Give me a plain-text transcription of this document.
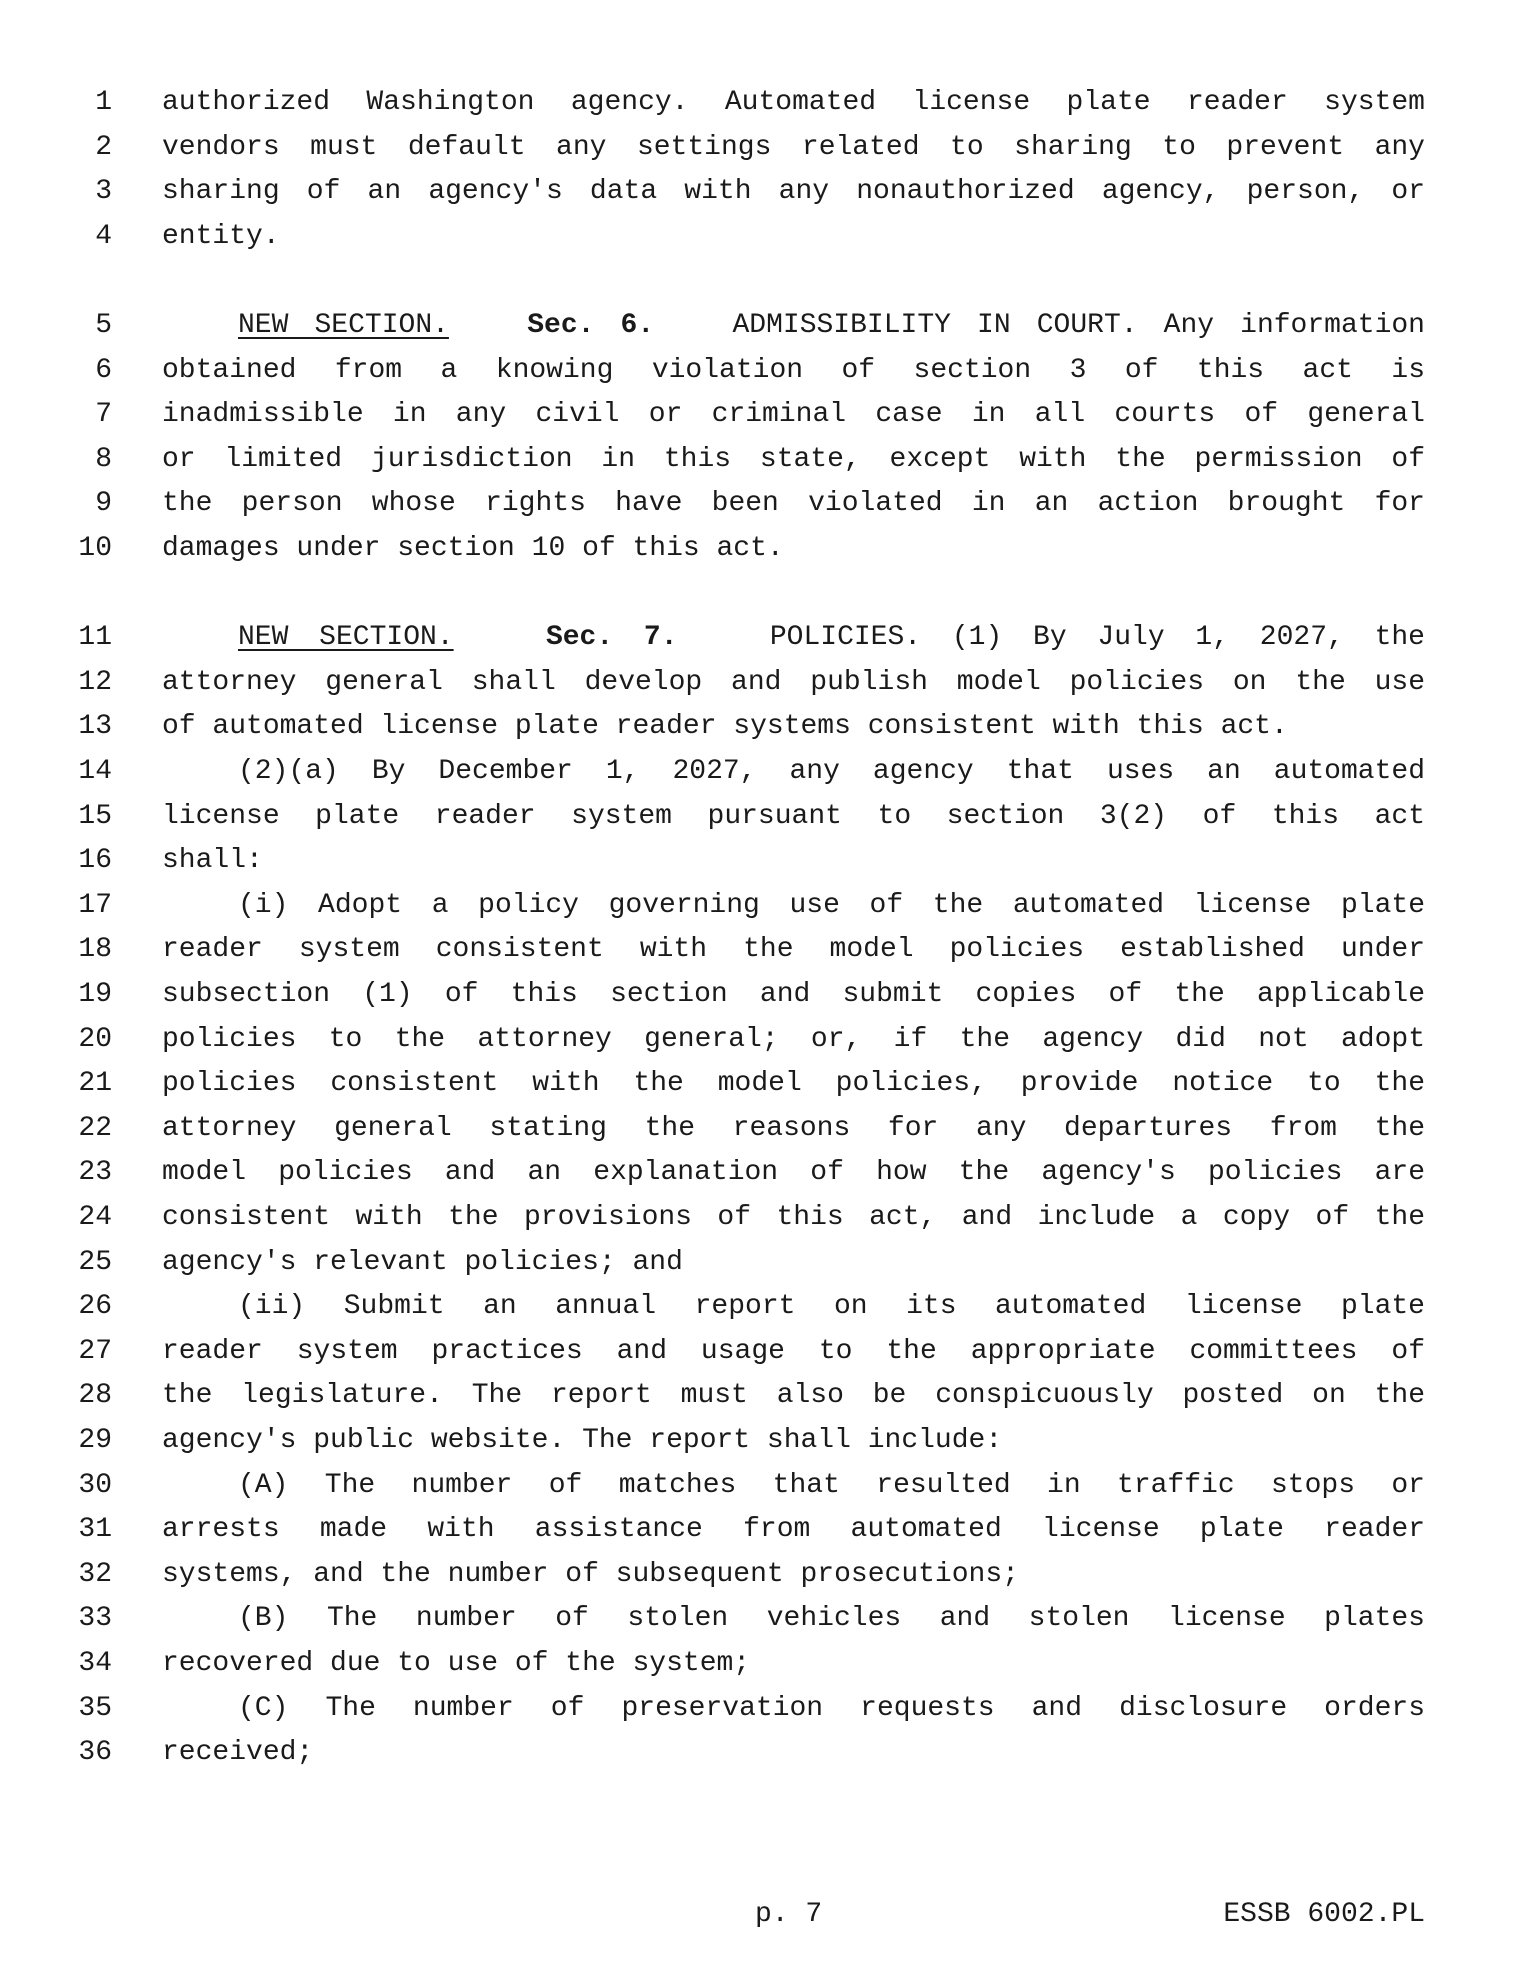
1 authorized Washington agency. Automated license plate reader system
2 vendors must default any settings related to sharing to prevent any
3 sharing of an agency's data with any nonauthorized agency, person, or
4 entity.
5	NEW SECTION.	Sec. 6.	ADMISSIBILITY IN COURT. Any information
6 obtained from a knowing violation of section 3 of this act is
7 inadmissible in any civil or criminal case in all courts of general
8 or limited jurisdiction in this state, except with the permission of
9 the person whose rights have been violated in an action brought for
10 damages under section 10 of this act.
11	NEW SECTION.	Sec. 7.	POLICIES. (1) By July 1, 2027, the
12 attorney general shall develop and publish model policies on the use
13 of automated license plate reader systems consistent with this act.
14	(2)(a) By December 1, 2027, any agency that uses an automated
15 license plate reader system pursuant to section 3(2) of this act
16 shall:
17	(i) Adopt a policy governing use of the automated license plate
18 reader system consistent with the model policies established under
19 subsection (1) of this section and submit copies of the applicable
20 policies to the attorney general; or, if the agency did not adopt
21 policies consistent with the model policies, provide notice to the
22 attorney general stating the reasons for any departures from the
23 model policies and an explanation of how the agency's policies are
24 consistent with the provisions of this act, and include a copy of the
25 agency's relevant policies; and
26	(ii) Submit an annual report on its automated license plate
27 reader system practices and usage to the appropriate committees of
28 the legislature. The report must also be conspicuously posted on the
29 agency's public website. The report shall include:
30	(A) The number of matches that resulted in traffic stops or
31 arrests made with assistance from automated license plate reader
32 systems, and the number of subsequent prosecutions;
33	(B) The number of stolen vehicles and stolen license plates
34 recovered due to use of the system;
35	(C) The number of preservation requests and disclosure orders
36 received;
p. 7	ESSB 6002.PL
